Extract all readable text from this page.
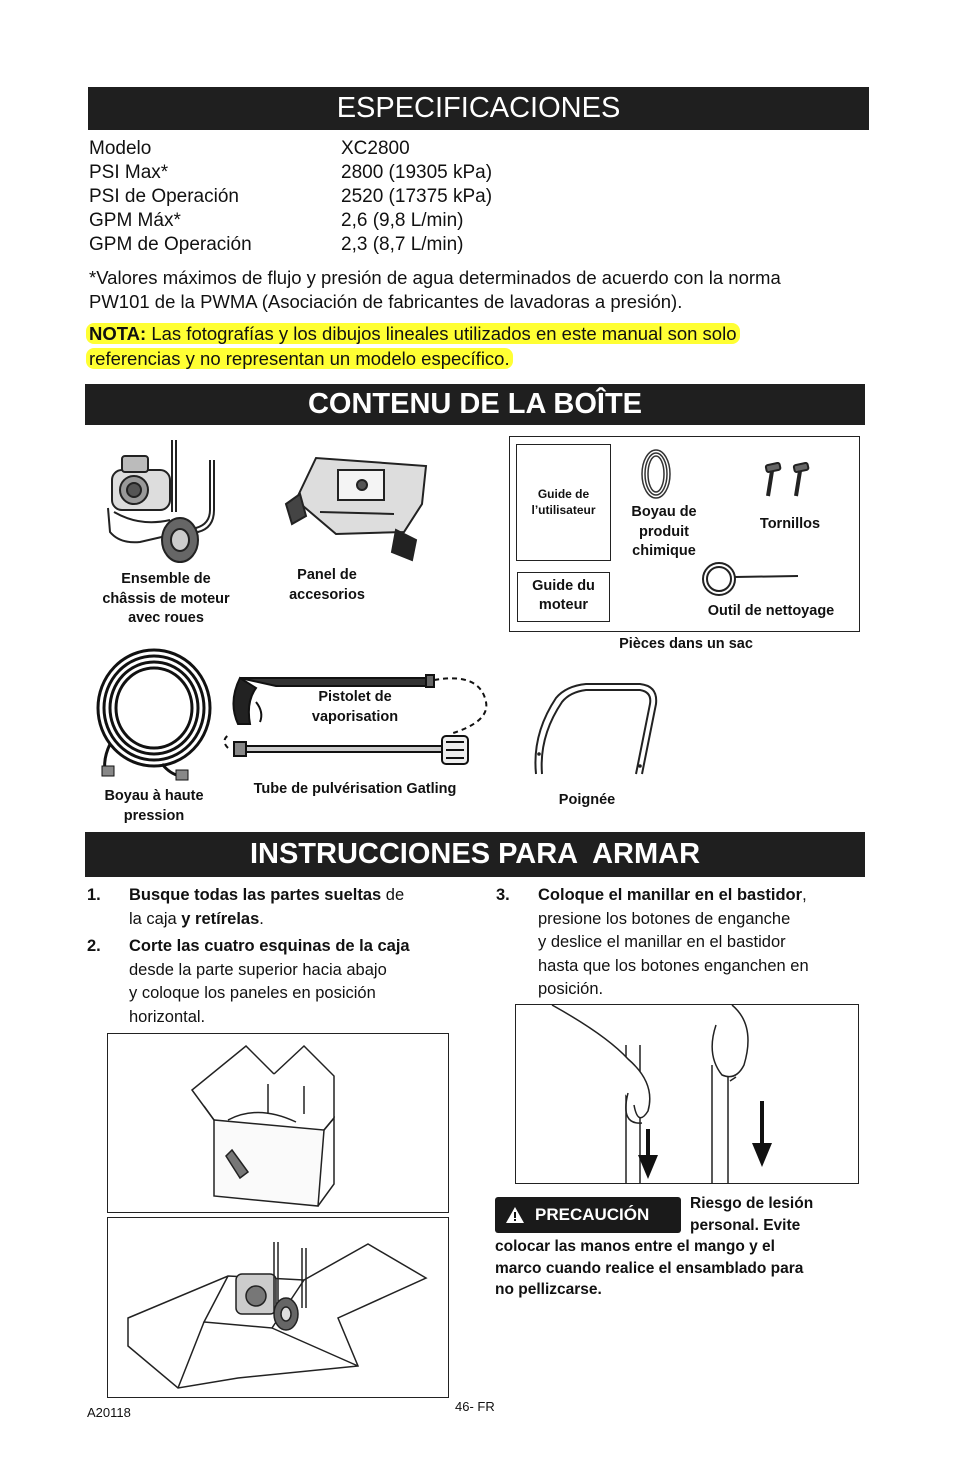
ESPECIFICACIONES
Modelo	XC2800
PSI Max*	2800 (19305 kPa)
PSI de Operación	2520 (17375 kPa)
GPM Máx*	2,6 (9,8 L/min)
GPM de Operación	2,3 (8,7 L/min)
*Valores máximos de flujo y presión de agua determinados de acuerdo con la norma
PW101 de la PWMA (Asociación de fabricantes de lavadoras a presión).
NOTA: Las fotografías y los dibujos lineales utilizados en este manual son solo
referencias y no representan un modelo específico.
CONTENU DE LA BOÎTE
Ensemble de
châssis de moteur
avec roues
Panel de
accesorios
Guide de
l’utilisateur	Boyau de
produit
chimique
Tornillos
Guide du
moteur	Outil de nettoyage
Pièces dans un sac
Boyau à haute
pression
Pistolet de
vaporisation
Tube de pulvérisation Gatling
Poignée
INSTRUCCIONES PARA  ARMAR
1. Busque todas las partes sueltas de
la caja y retírelas.
2. Corte las cuatro esquinas de la caja
desde la parte superior hacia abajo
y coloque los paneles en posición
horizontal.
3. Coloque el manillar en el bastidor,
presione los botones de enganche
y deslice el manillar en el bastidor
hasta que los botones enganchen en
posición.
PRECAUCIÓN
Riesgo de lesión
personal. Evite
colocar las manos entre el mango y el
marco cuando realice el ensamblado para
no pellizcarse.
A20118	46- FR
